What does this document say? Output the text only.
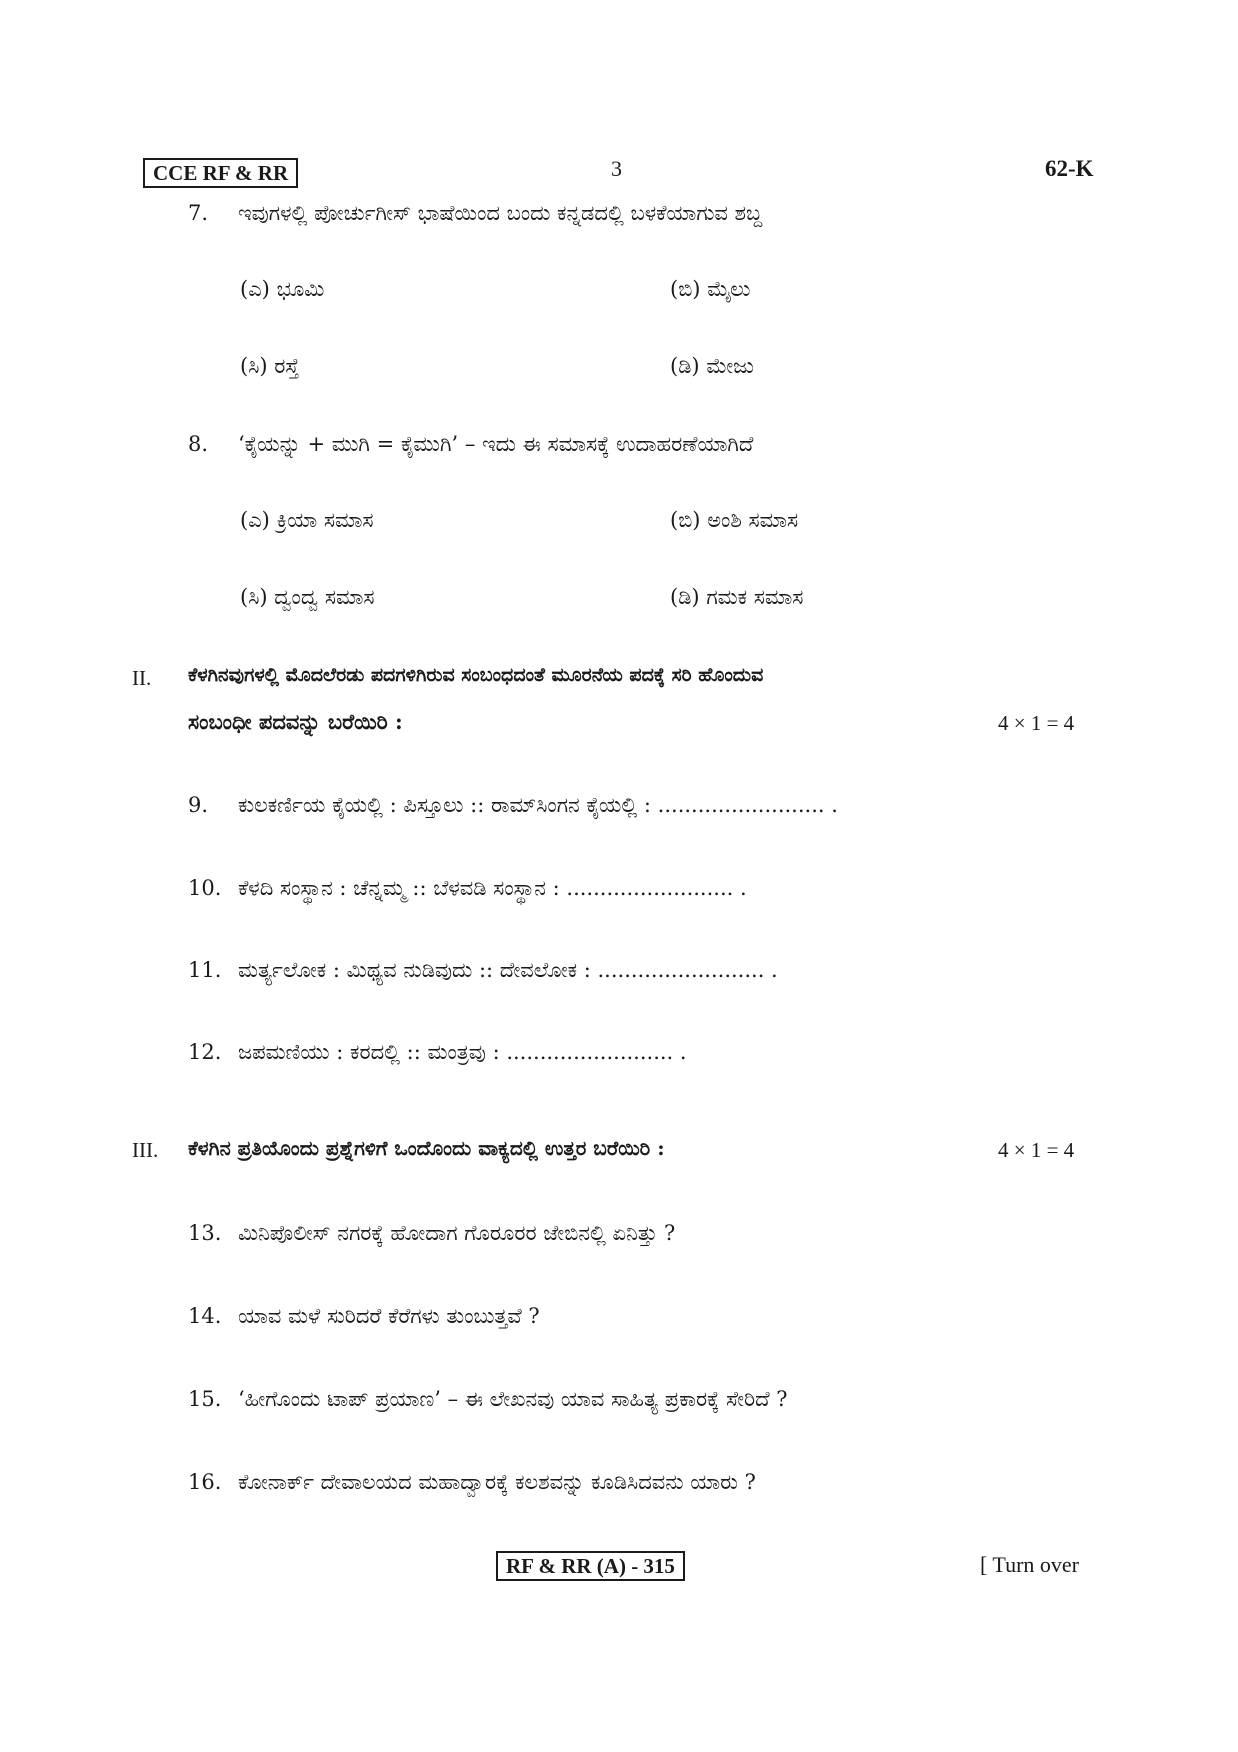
CCE RF & RR	3	62-K
7. ಇವುಗಳಲ್ಲಿ ಪೋರ್ಚುಗೀಸ್ ಭಾಷೆಯಿಂದ ಬಂದು ಕನ್ನಡದಲ್ಲಿ ಬಳಕೆಯಾಗುವ ಶಬ್ದ
(ಎ) ಭೂಮಿ	(ಬಿ) ಮೈಲು
(ಸಿ) ರಸ್ತೆ	(ಡಿ) ಮೇಜು
8. ‘ಕೈಯನ್ನು + ಮುಗಿ = ಕೈಮುಗಿ’ – ಇದು ಈ ಸಮಾಸಕ್ಕೆ ಉದಾಹರಣೆಯಾಗಿದೆ
(ಎ) ಕ್ರಿಯಾ ಸಮಾಸ	(ಬಿ) ಅಂಶಿ ಸಮಾಸ
(ಸಿ) ದ್ವಂದ್ವ ಸಮಾಸ	(ಡಿ) ಗಮಕ ಸಮಾಸ
II. ಕೆಳಗಿನವುಗಳಲ್ಲಿ ಮೊದಲೆರಡು ಪದಗಳಿಗಿರುವ ಸಂಬಂಧದಂತೆ ಮೂರನೆಯ ಪದಕ್ಕೆ ಸರಿ ಹೊಂದುವ
ಸಂಬಂಧೀ ಪದವನ್ನು ಬರೆಯಿರಿ :	4 × 1 = 4
9. ಕುಲಕರ್ಣಿಯ ಕೈಯಲ್ಲಿ : ಪಿಸ್ತೂಲು :: ರಾಮ್‌ಸಿಂಗನ ಕೈಯಲ್ಲಿ : ......................... .
10. ಕೆಳದಿ ಸಂಸ್ಥಾನ : ಚೆನ್ನಮ್ಮ :: ಬೆಳವಡಿ ಸಂಸ್ಥಾನ : ......................... .
11. ಮರ್ತ್ಯಲೋಕ : ಮಿಥ್ಯವ ನುಡಿವುದು :: ದೇವಲೋಕ : ......................... .
12. ಜಪಮಣಿಯು : ಕರದಲ್ಲಿ :: ಮಂತ್ರವು : ......................... .
III. ಕೆಳಗಿನ ಪ್ರತಿಯೊಂದು ಪ್ರಶ್ನೆಗಳಿಗೆ ಒಂದೊಂದು ವಾಕ್ಯದಲ್ಲಿ ಉತ್ತರ ಬರೆಯಿರಿ :	4 × 1 = 4
13. ಮಿನಿಪೊಲೀಸ್ ನಗರಕ್ಕೆ ಹೋದಾಗ ಗೊರೂರರ ಜೇಬಿನಲ್ಲಿ ಏನಿತ್ತು ?
14. ಯಾವ ಮಳೆ ಸುರಿದರೆ ಕೆರೆಗಳು ತುಂಬುತ್ತವೆ ?
15. ‘ಹೀಗೊಂದು ಟಾಪ್ ಪ್ರಯಾಣ’ – ಈ ಲೇಖನವು ಯಾವ ಸಾಹಿತ್ಯ ಪ್ರಕಾರಕ್ಕೆ ಸೇರಿದೆ ?
16. ಕೋನಾರ್ಕ್ ದೇವಾಲಯದ ಮಹಾದ್ವಾರಕ್ಕೆ ಕಲಶವನ್ನು ಕೂಡಿಸಿದವನು ಯಾರು ?
RF & RR (A) - 315	[ Turn over
